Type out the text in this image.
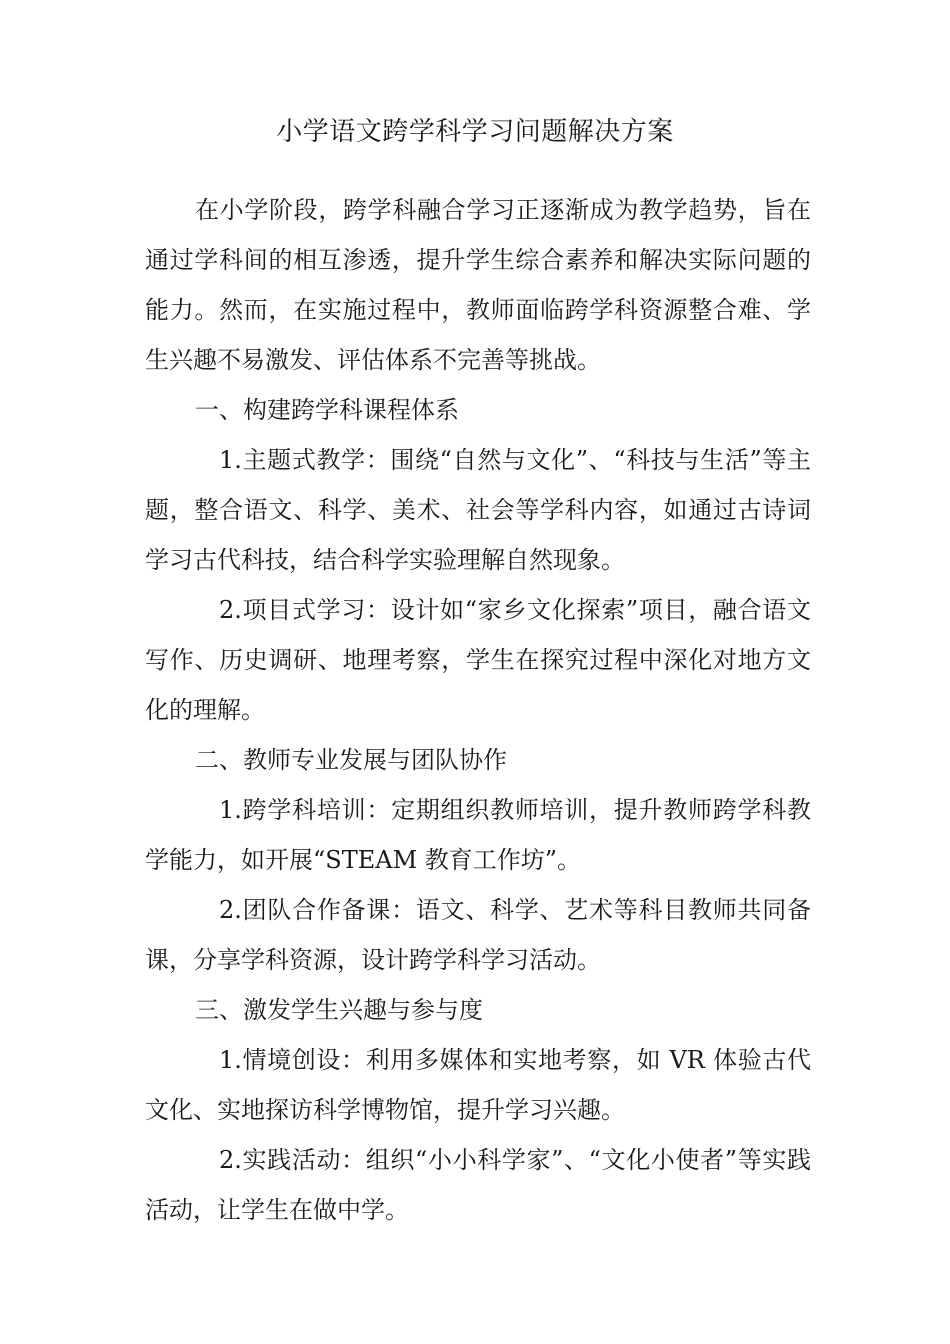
小学语文跨学科学习问题解决方案

在小学阶段，跨学科融合学习正逐渐成为教学趋势，旨在通过学科间的相互渗透，提升学生综合素养和解决实际问题的能力。然而，在实施过程中，教师面临跨学科资源整合难、学生兴趣不易激发、评估体系不完善等挑战。

一、构建跨学科课程体系

1.主题式教学：围绕“自然与文化”、“科技与生活”等主题，整合语文、科学、美术、社会等学科内容，如通过古诗词学习古代科技，结合科学实验理解自然现象。

2.项目式学习：设计如“家乡文化探索”项目，融合语文写作、历史调研、地理考察，学生在探究过程中深化对地方文化的理解。

二、教师专业发展与团队协作

1.跨学科培训：定期组织教师培训，提升教师跨学科教学能力，如开展“STEAM 教育工作坊”。

2.团队合作备课：语文、科学、艺术等科目教师共同备课，分享学科资源，设计跨学科学习活动。

三、激发学生兴趣与参与度

1.情境创设：利用多媒体和实地考察，如 VR 体验古代文化、实地探访科学博物馆，提升学习兴趣。

2.实践活动：组织“小小科学家”、“文化小使者”等实践活动，让学生在做中学。
